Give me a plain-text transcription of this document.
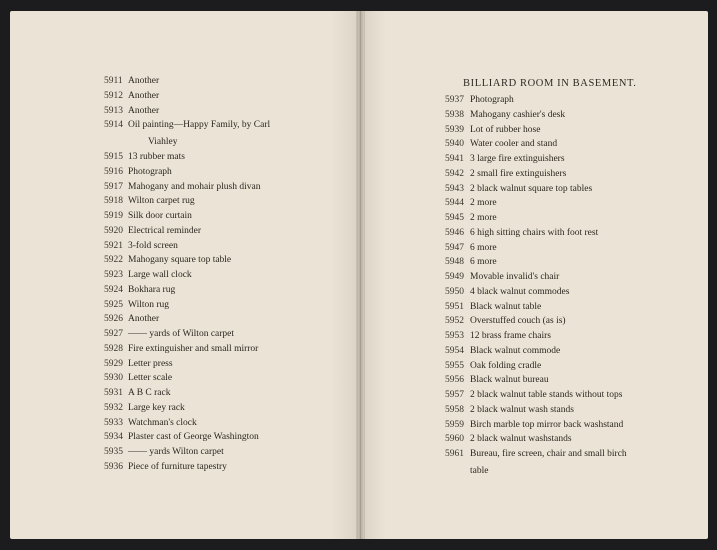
BILLIARD ROOM IN BASEMENT.
5911 Another
5912 Another
5913 Another
5914 Oil painting—Happy Family, by Carl
Viahley
5915 13 rubber mats
5916 Photograph
5917 Mahogany and mohair plush divan
5918 Wilton carpet rug
5919 Silk door curtain
5920 Electrical reminder
5921 3-fold screen
5922 Mahogany square top table
5923 Large wall clock
5924 Bokhara rug
5925 Wilton rug
5926 Another
5927 —— yards of Wilton carpet
5928 Fire extinguisher and small mirror
5929 Letter press
5930 Letter scale
5931 A B C rack
5932 Large key rack
5933 Watchman's clock
5934 Plaster cast of George Washington
5935 —— yards Wilton carpet
5936 Piece of furniture tapestry
5937 Photograph
5938 Mahogany cashier's desk
5939 Lot of rubber hose
5940 Water cooler and stand
5941 3 large fire extinguishers
5942 2 small fire extinguishers
5943 2 black walnut square top tables
5944 2 more
5945 2 more
5946 6 high sitting chairs with foot rest
5947 6 more
5948 6 more
5949 Movable invalid's chair
5950 4 black walnut commodes
5951 Black walnut table
5952 Overstuffed couch (as is)
5953 12 brass frame chairs
5954 Black walnut commode
5955 Oak folding cradle
5956 Black walnut bureau
5957 2 black walnut table stands without tops
5958 2 black walnut wash stands
5959 Birch marble top mirror back washstand
5960 2 black walnut washstands
5961 Bureau, fire screen, chair and small birch
table
